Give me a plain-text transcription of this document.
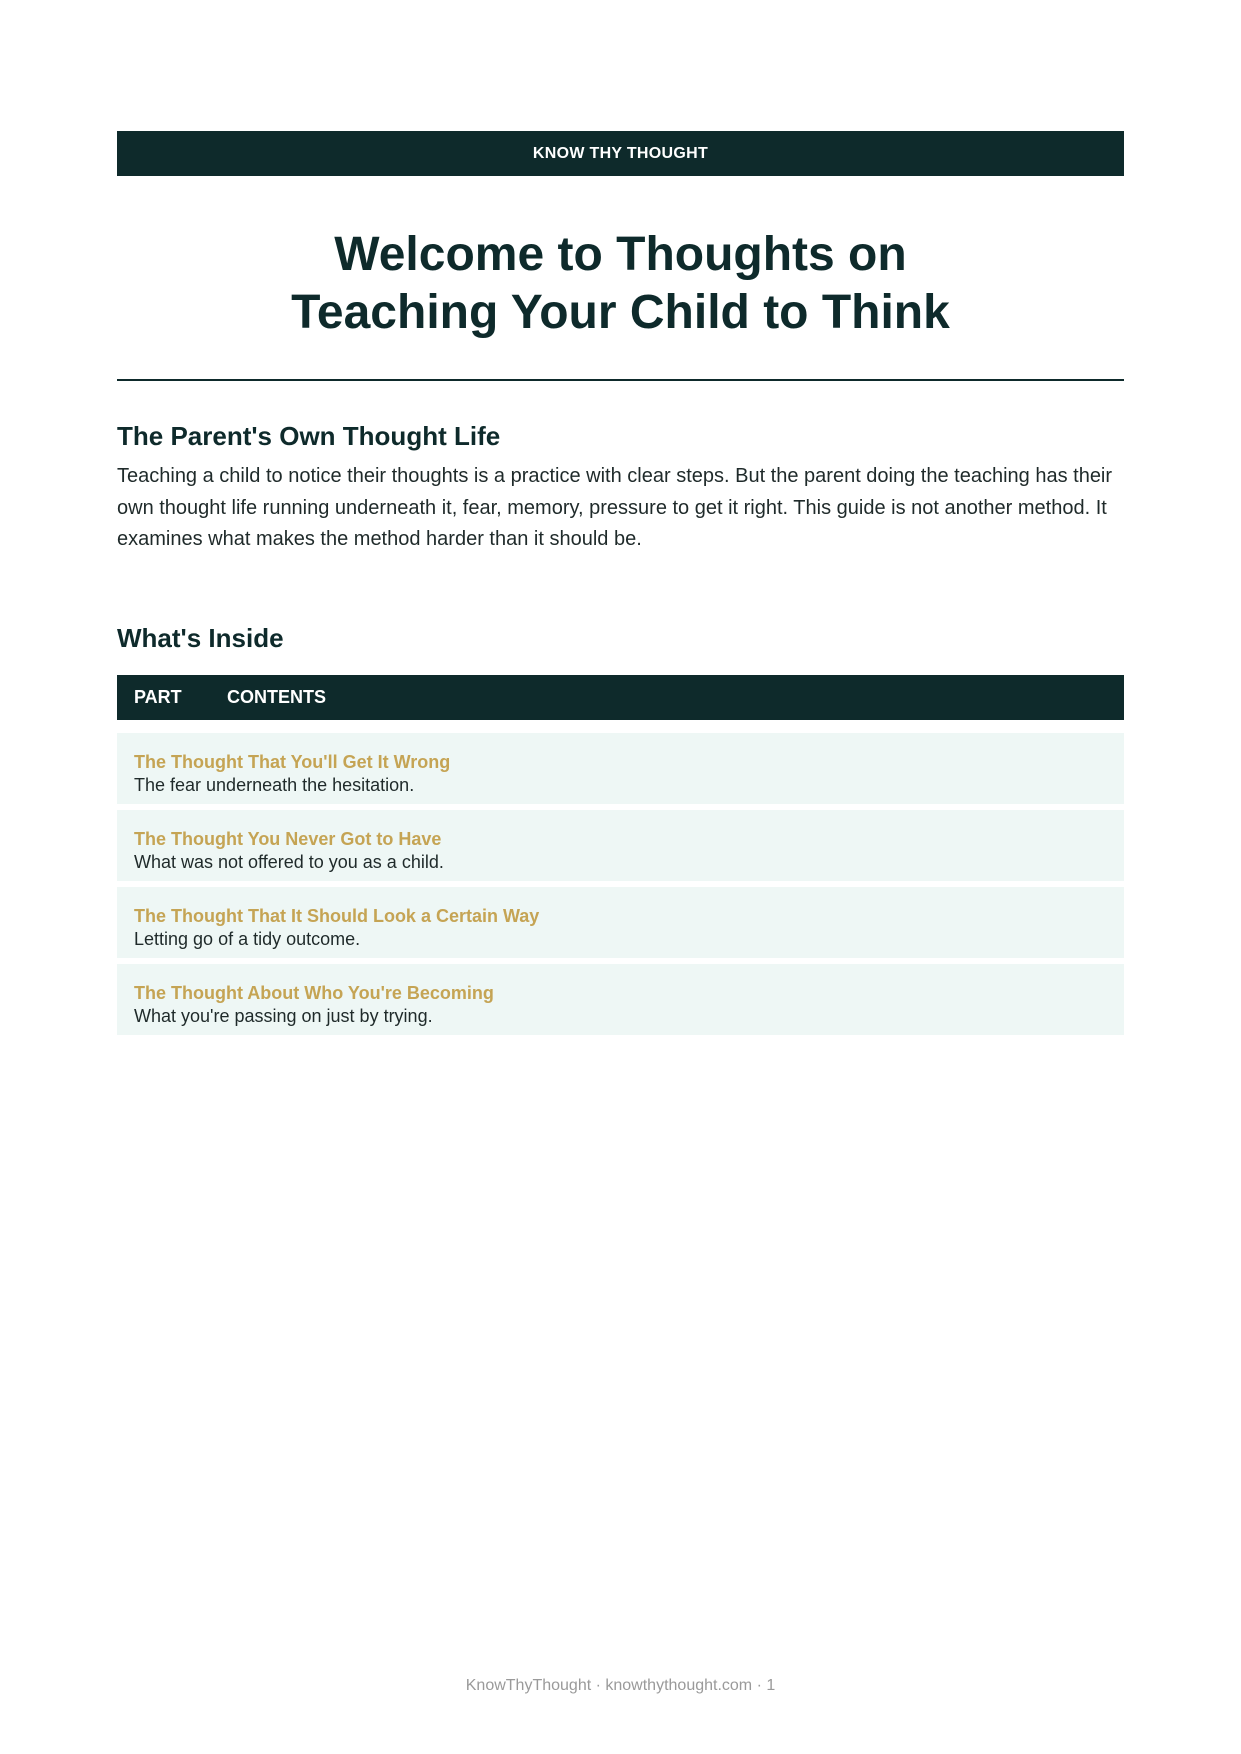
KNOW THY THOUGHT
Welcome to Thoughts on
Teaching Your Child to Think
The Parent's Own Thought Life

Teaching a child to notice their thoughts is a practice with clear steps. But the parent doing the teaching has their own thought life running underneath it, fear, memory, pressure to get it right. This guide is not another method. It examines what makes the method harder than it should be.

What's Inside
PART	CONTENTS
The Thought That You'll Get It Wrong
The fear underneath the hesitation.
The Thought You Never Got to Have
What was not offered to you as a child.
The Thought That It Should Look a Certain Way
Letting go of a tidy outcome.
The Thought About Who You're Becoming
What you're passing on just by trying.
KnowThyThought · knowthythought.com · 1
